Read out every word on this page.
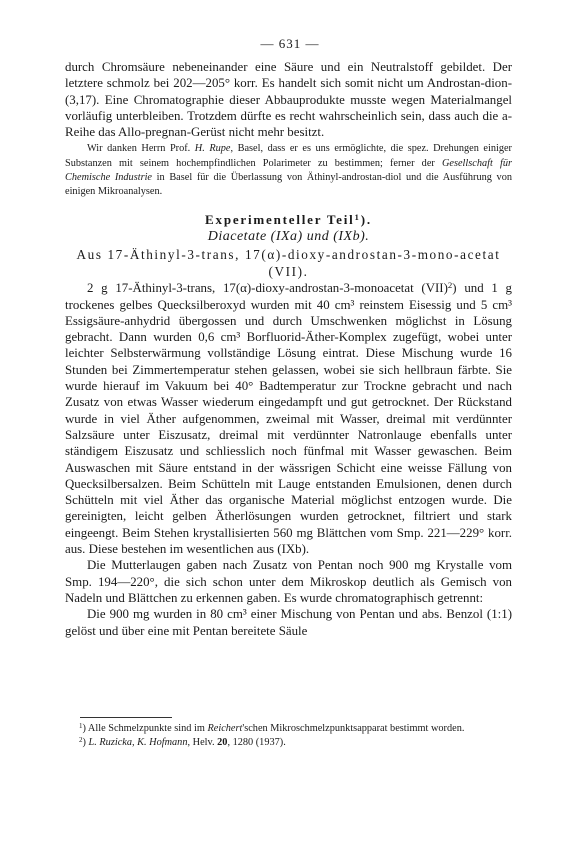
— 631 —

durch Chromsäure nebeneinander eine Säure und ein Neutralstoff gebildet. Der letztere schmolz bei 202—205° korr. Es handelt sich somit nicht um Androstan-dion-(3,17). Eine Chromatographie dieser Abbauprodukte musste wegen Materialmangel vorläufig unterbleiben. Trotzdem dürfte es recht wahrscheinlich sein, dass auch die a-Reihe das Allo-pregnan-Gerüst nicht mehr besitzt.

Wir danken Herrn Prof. H. Rupe, Basel, dass er es uns ermöglichte, die spez. Drehungen einiger Substanzen mit seinem hochempfindlichen Polarimeter zu bestimmen; ferner der Gesellschaft für Chemische Industrie in Basel für die Überlassung von Äthinyl-androstan-diol und die Ausführung von einigen Mikroanalysen.

Experimenteller Teil$^1$).
Diacetate (IXa) und (IXb).
Aus 17-Äthinyl-3-trans, 17(α)-dioxy-androstan-3-mono-acetat (VII).

2 g 17-Äthinyl-3-trans, 17(α)-dioxy-androstan-3-monoacetat (VII)$^2$) und 1 g trockenes gelbes Quecksilberoxyd wurden mit 40 cm³ reinstem Eisessig und 5 cm³ Essigsäure-anhydrid übergossen und durch Umschwenken möglichst in Lösung gebracht. Dann wurden 0,6 cm³ Borfluorid-Äther-Komplex zugefügt, wobei unter leichter Selbsterwärmung vollständige Lösung eintrat. Diese Mischung wurde 16 Stunden bei Zimmertemperatur stehen gelassen, wobei sie sich hellbraun färbte. Sie wurde hierauf im Vakuum bei 40° Badtemperatur zur Trockne gebracht und nach Zusatz von etwas Wasser wiederum eingedampft und gut getrocknet. Der Rückstand wurde in viel Äther aufgenommen, zweimal mit Wasser, dreimal mit verdünnter Salzsäure unter Eiszusatz, dreimal mit verdünnter Natronlauge ebenfalls unter ständigem Eiszusatz und schliesslich noch fünfmal mit Wasser gewaschen. Beim Auswaschen mit Säure entstand in der wässrigen Schicht eine weisse Fällung von Quecksilbersalzen. Beim Schütteln mit Lauge entstanden Emulsionen, denen durch Schütteln mit viel Äther das organische Material möglichst entzogen wurde. Die gereinigten, leicht gelben Ätherlösungen wurden getrocknet, filtriert und stark eingeengt. Beim Stehen krystallisierten 560 mg Blättchen vom Smp. 221—229° korr. aus. Diese bestehen im wesentlichen aus (IXb).

Die Mutterlaugen gaben nach Zusatz von Pentan noch 900 mg Krystalle vom Smp. 194—220°, die sich schon unter dem Mikroskop deutlich als Gemisch von Nadeln und Blättchen zu erkennen gaben. Es wurde chromatographisch getrennt:

Die 900 mg wurden in 80 cm³ einer Mischung von Pentan und abs. Benzol (1:1) gelöst und über eine mit Pentan bereitete Säule

$^1$) Alle Schmelzpunkte sind im Reichert'schen Mikroschmelzpunktsapparat bestimmt worden.

$^2$) L. Ruzicka, K. Hofmann, Helv. 20, 1280 (1937).
